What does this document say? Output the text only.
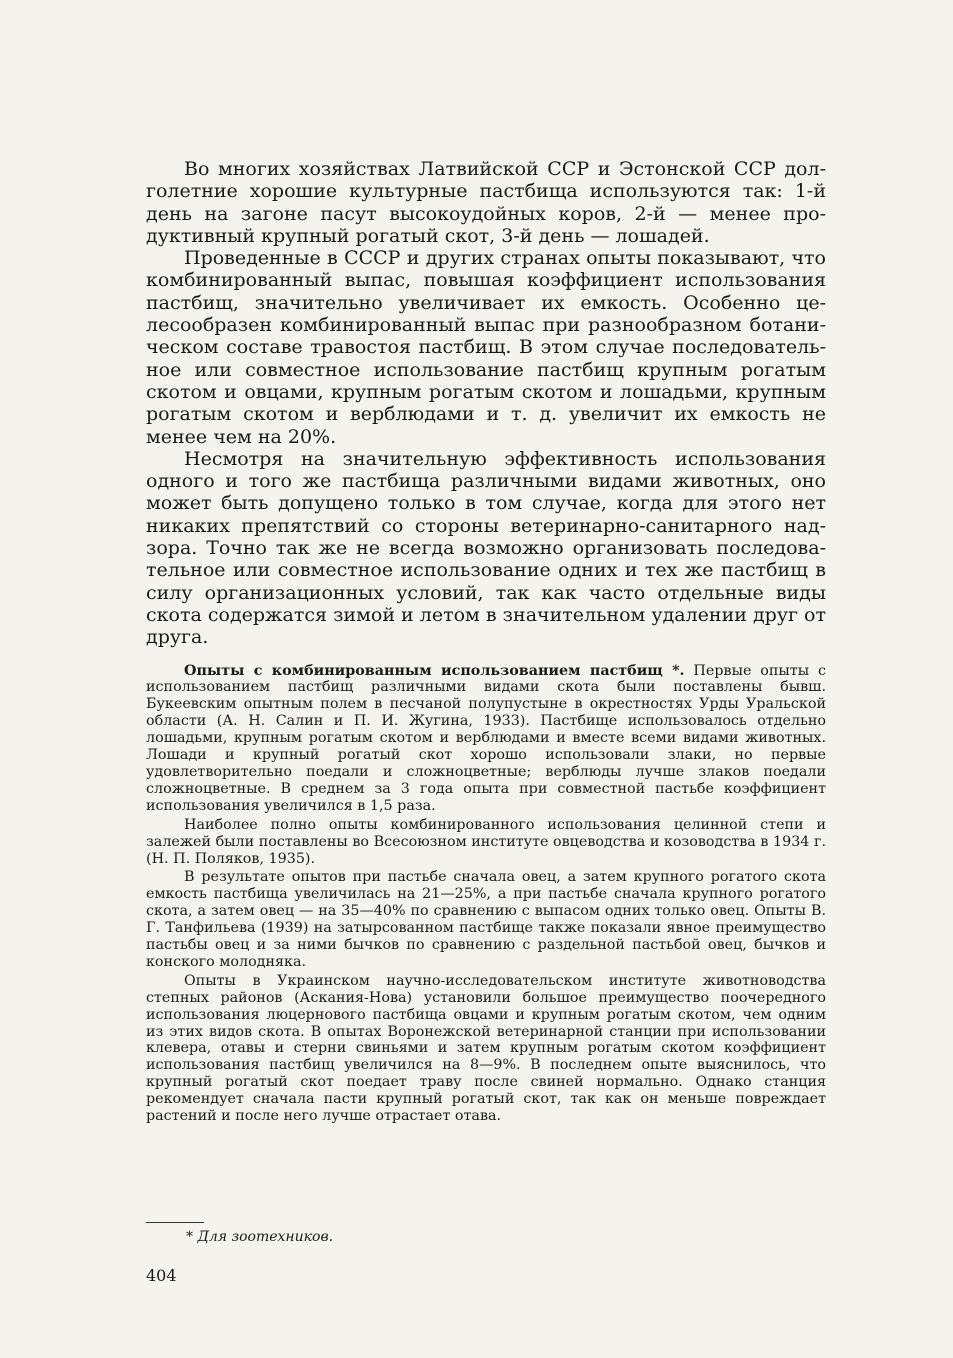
Во многих хозяйствах Латвийской ССР и Эстонской ССР долголетние хорошие культурные пастбища используются так: 1-й день на загоне пасут высокоудойных коров, 2-й — менее продуктивный крупный рогатый скот, 3-й день — лошадей.

Проведенные в СССР и других странах опыты показывают, что комбинированный выпас, повышая коэффициент использования пастбищ, значительно увеличивает их емкость. Особенно целесообразен комбинированный выпас при разнообразном ботаническом составе травостоя пастбищ. В этом случае последовательное или совместное использование пастбищ крупным рогатым скотом и овцами, крупным рогатым скотом и лошадьми, крупным рогатым скотом и верблюдами и т. д. увеличит их емкость не менее чем на 20%.

Несмотря на значительную эффективность использования одного и того же пастбища различными видами животных, оно может быть допущено только в том случае, когда для этого нет никаких препятствий со стороны ветеринарно-санитарного надзора. Точно так же не всегда возможно организовать последовательное или совместное использование одних и тех же пастбищ в силу организационных условий, так как часто отдельные виды скота содержатся зимой и летом в значительном удалении друг от друга.

Опыты с комбинированным использованием пастбищ *. Первые опыты с использованием пастбищ различными видами скота были поставлены бывш. Букеевским опытным полем в песчаной полупустыне в окрестностях Урды Уральской области (А. Н. Салин и П. И. Жугина, 1933). Пастбище использовалось отдельно лошадьми, крупным рогатым скотом и верблюдами и вместе всеми видами животных. Лошади и крупный рогатый скот хорошо использовали злаки, но первые удовлетворительно поедали и сложноцветные; верблюды лучше злаков поедали сложноцветные. В среднем за 3 года опыта при совместной пастьбе коэффициент использования увеличился в 1,5 раза.

Наиболее полно опыты комбинированного использования целинной степи и залежей были поставлены во Всесоюзном институте овцеводства и козоводства в 1934 г. (Н. П. Поляков, 1935).

В результате опытов при пастьбе сначала овец, а затем крупного рогатого скота емкость пастбища увеличилась на 21—25%, а при пастьбе сначала крупного рогатого скота, а затем овец — на 35—40% по сравнению с выпасом одних только овец. Опыты В. Г. Танфильева (1939) на затырсованном пастбище также показали явное преимущество пастьбы овец и за ними бычков по сравнению с раздельной пастьбой овец, бычков и конского молодняка.

Опыты в Украинском научно-исследовательском институте животноводства степных районов (Аскания-Нова) установили большое преимущество поочередного использования люцернового пастбища овцами и крупным рогатым скотом, чем одним из этих видов скота. В опытах Воронежской ветеринарной станции при использовании клевера, отавы и стерни свиньями и затем крупным рогатым скотом коэффициент использования пастбищ увеличился на 8—9%. В последнем опыте выяснилось, что крупный рогатый скот поедает траву после свиней нормально. Однако станция рекомендует сначала пасти крупный рогатый скот, так как он меньше повреждает растений и после него лучше отрастает отава.

* Для зоотехников.
404
